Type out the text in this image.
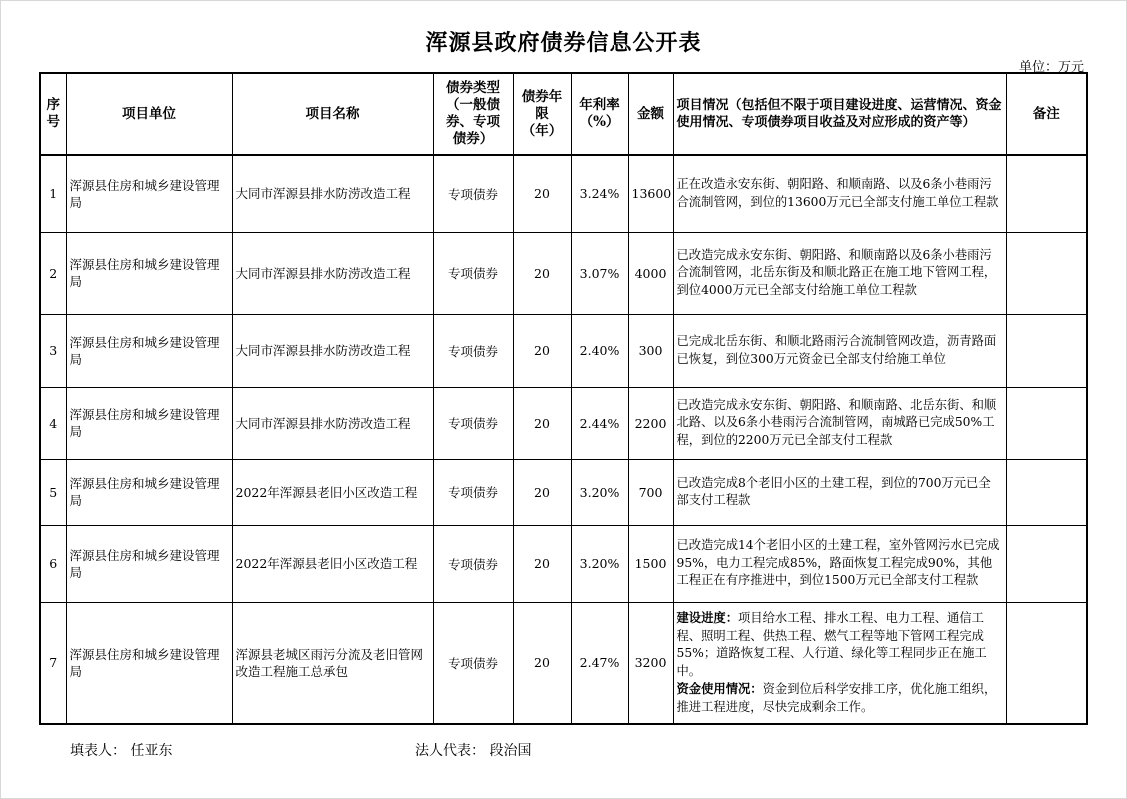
浑源县政府债券信息公开表
单位：万元
序号	项目单位	项目名称	债券类型（一般债券、专项债券）	债券年限（年）	年利率（%）	金额	项目情况（包括但不限于项目建设进度、运营情况、资金使用情况、专项债券项目收益及对应形成的资产等）	备注
1	浑源县住房和城乡建设管理局	大同市浑源县排水防涝改造工程	专项债券	20	3.24%	13600	正在改造永安东街、朝阳路、和顺南路、以及6条小巷雨污合流制管网，到位的13600万元已全部支付施工单位工程款	
2	浑源县住房和城乡建设管理局	大同市浑源县排水防涝改造工程	专项债券	20	3.07%	4000	已改造完成永安东街、朝阳路、和顺南路以及6条小巷雨污合流制管网，北岳东街及和顺北路正在施工地下管网工程，到位4000万元已全部支付给施工单位工程款	
3	浑源县住房和城乡建设管理局	大同市浑源县排水防涝改造工程	专项债券	20	2.40%	300	已完成北岳东街、和顺北路雨污合流制管网改造，沥青路面已恢复，到位300万元资金已全部支付给施工单位	
4	浑源县住房和城乡建设管理局	大同市浑源县排水防涝改造工程	专项债券	20	2.44%	2200	已改造完成永安东街、朝阳路、和顺南路、北岳东街、和顺北路、以及6条小巷雨污合流制管网，南城路已完成50%工程，到位的2200万元已全部支付工程款	
5	浑源县住房和城乡建设管理局	2022年浑源县老旧小区改造工程	专项债券	20	3.20%	700	已改造完成8个老旧小区的土建工程，到位的700万元已全部支付工程款	
6	浑源县住房和城乡建设管理局	2022年浑源县老旧小区改造工程	专项债券	20	3.20%	1500	已改造完成14个老旧小区的土建工程，室外管网污水已完成95%，电力工程完成85%，路面恢复工程完成90%，其他工程正在有序推进中，到位1500万元已全部支付工程款	
7	浑源县住房和城乡建设管理局	浑源县老城区雨污分流及老旧管网改造工程施工总承包	专项债券	20	2.47%	3200	建设进度：项目给水工程、排水工程、电力工程、通信工程、照明工程、供热工程、燃气工程等地下管网工程完成55%；道路恢复工程、人行道、绿化等工程同步正在施工中。
资金使用情况：资金到位后科学安排工序，优化施工组织，推进工程进度，尽快完成剩余工作。	
填表人： 任亚东	法人代表： 段治国
